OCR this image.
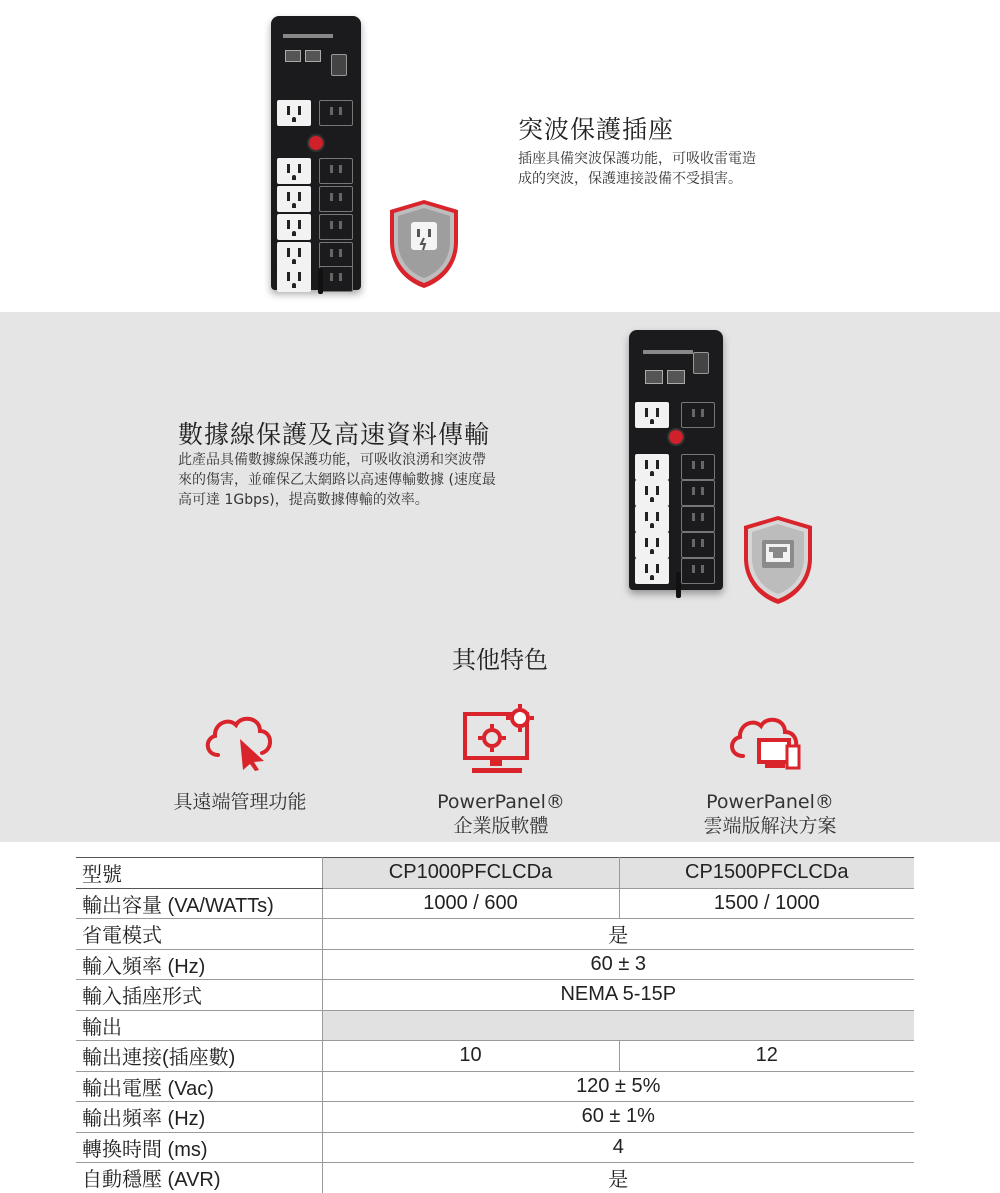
突波保護插座
插座具備突波保護功能，可吸收雷電造
成的突波，保護連接設備不受損害。
數據線保護及高速資料傳輸
此產品具備數據線保護功能，可吸收浪湧和突波帶
來的傷害，並確保乙太網路以高速傳輸數據 (速度最
高可達 1Gbps)，提高數據傳輸的效率。
其他特色
具遠端管理功能	PowerPanel®
企業版軟體
PowerPanel®
雲端版解決方案
型號	CP1000PFCLCDa	CP1500PFCLCDa
輸出容量 (VA/WATTs)	1000 / 600	1500 / 1000
省電模式	是	
輸入頻率 (Hz)	60 ± 3	
輸入插座形式	NEMA 5-15P	
輸出		
輸出連接(插座數)	10	12
輸出電壓 (Vac)	120 ± 5%	
輸出頻率 (Hz)	60 ± 1%	
轉換時間 (ms)	4	
自動穩壓 (AVR)	是	
